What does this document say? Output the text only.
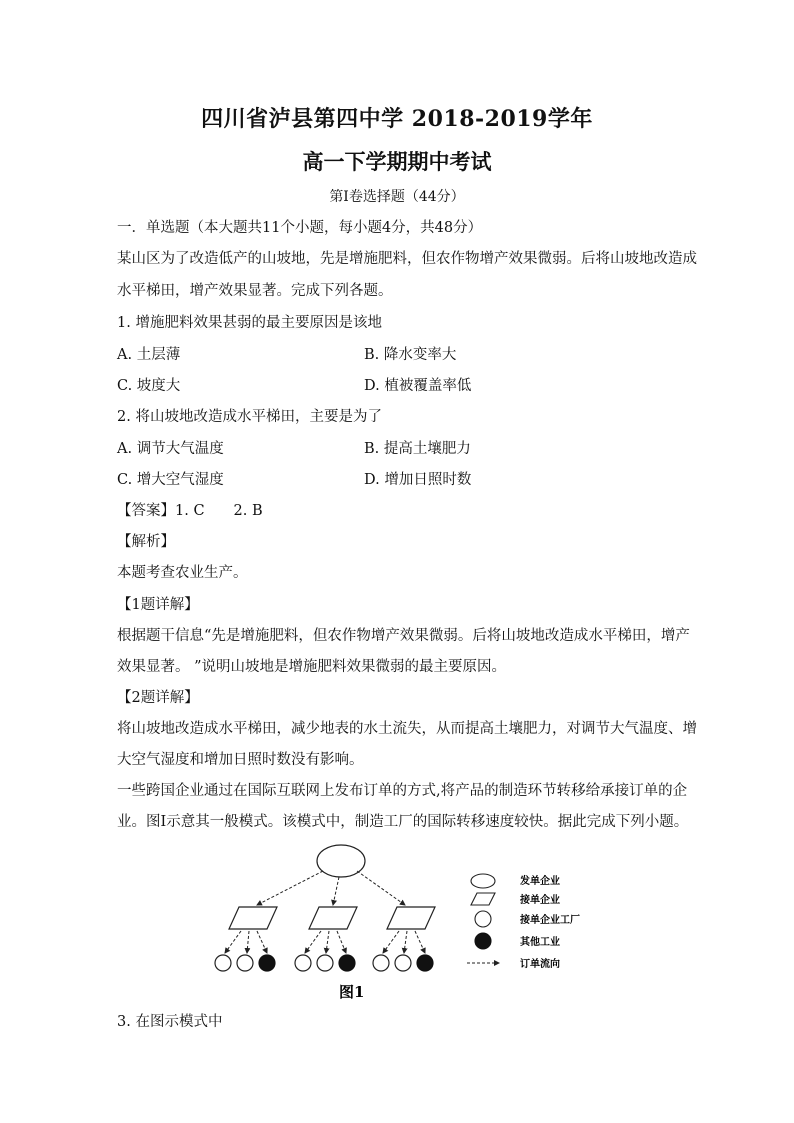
四川省泸县第四中学 2018-2019学年
高一下学期期中考试
第Ⅰ卷选择题（44分）
一．单选题（本大题共11个小题，每小题4分，共48分）
某山区为了改造低产的山坡地，先是增施肥料，但农作物增产效果微弱。后将山坡地改造成
水平梯田，增产效果显著。完成下列各题。
1. 增施肥料效果甚弱的最主要原因是该地
A. 土层薄	B. 降水变率大
C. 坡度大	D. 植被覆盖率低
2. 将山坡地改造成水平梯田，主要是为了
A. 调节大气温度	B. 提高土壤肥力
C. 增大空气湿度	D. 增加日照时数
【答案】1. C　　2. B
【解析】
本题考查农业生产。
【1题详解】
根据题干信息“先是增施肥料，但农作物增产效果微弱。后将山坡地改造成水平梯田，增产
效果显著。 ”说明山坡地是增施肥料效果微弱的最主要原因。
【2题详解】
将山坡地改造成水平梯田，减少地表的水土流失，从而提高土壤肥力，对调节大气温度、增
大空气湿度和增加日照时数没有影响。
一些跨国企业通过在国际互联网上发布订单的方式,将产品的制造环节转移给承接订单的企
业。图Ⅰ示意其一般模式。该模式中，制造工厂的国际转移速度较快。据此完成下列小题。
发单企业
接单企业
接单企业工厂
其他工业
订单流向
图1
3. 在图示模式中
